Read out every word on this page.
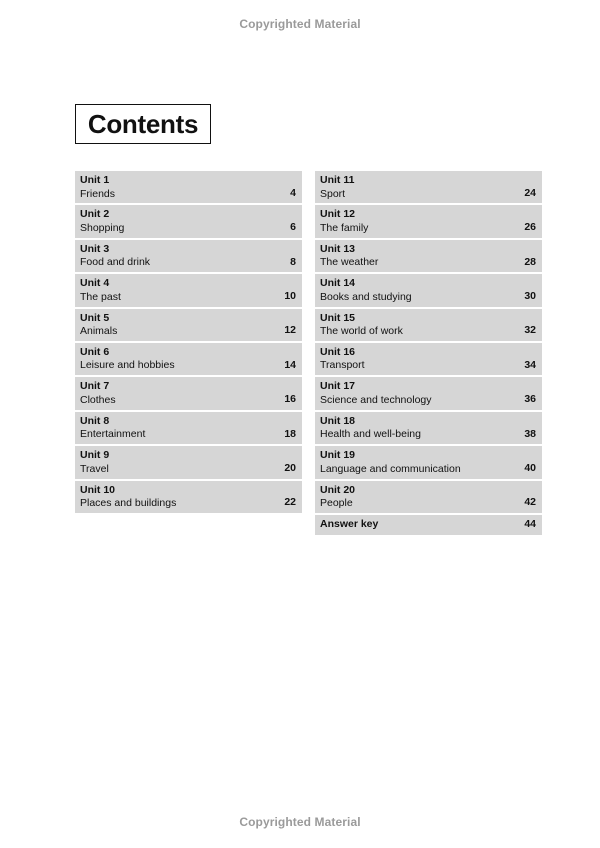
Copyrighted Material
Contents
Unit 1
Friends	4
Unit 2
Shopping	6
Unit 3
Food and drink	8
Unit 4
The past	10
Unit 5
Animals	12
Unit 6
Leisure and hobbies	14
Unit 7
Clothes	16
Unit 8
Entertainment	18
Unit 9
Travel	20
Unit 10
Places and buildings	22
Unit 11
Sport	24
Unit 12
The family	26
Unit 13
The weather	28
Unit 14
Books and studying	30
Unit 15
The world of work	32
Unit 16
Transport	34
Unit 17
Science and technology	36
Unit 18
Health and well-being	38
Unit 19
Language and communication	40
Unit 20
People	42
Answer key	44
Copyrighted Material
